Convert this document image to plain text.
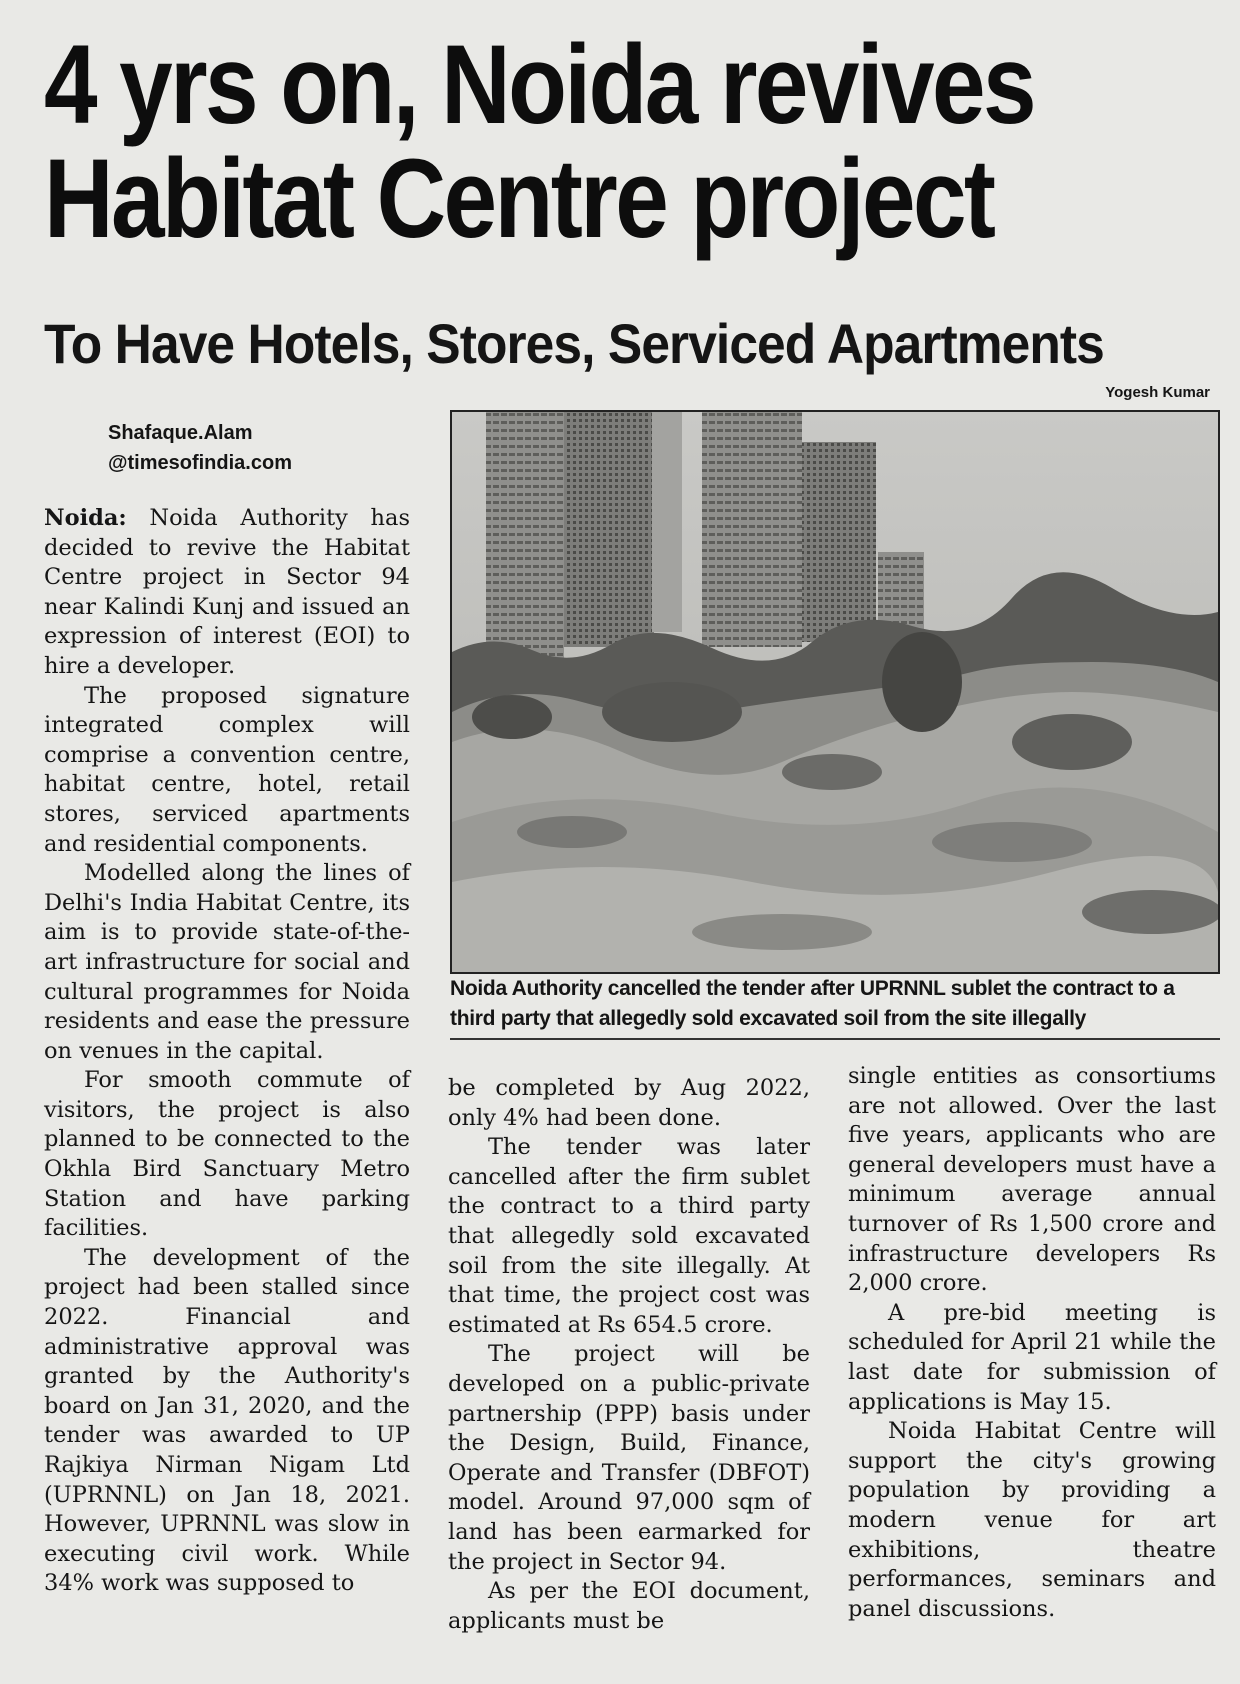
4 yrs on, Noida revives
Habitat Centre project
To Have Hotels, Stores, Serviced Apartments
Yogesh Kumar
Shafaque.Alam
@timesofindia.com
Noida Authority cancelled the tender after UPRNNL sublet the contract to a third party that allegedly sold excavated soil from the site illegally

Noida: Noida Authority has decided to revive the Habitat Centre project in Sector 94 near Kalindi Kunj and issued an expression of interest (EOI) to hire a developer.

The proposed signature integrated complex will comprise a convention centre, habitat centre, hotel, retail stores, serviced apartments and residential components.

Modelled along the lines of Delhi's India Habitat Centre, its aim is to provide state-of-the-art infrastructure for social and cultural programmes for Noida residents and ease the pressure on venues in the capital.

For smooth commute of visitors, the project is also planned to be connected to the Okhla Bird Sanctuary Metro Station and have parking facilities.

The development of the project had been stalled since 2022. Financial and administrative approval was granted by the Authority's board on Jan 31, 2020, and the tender was awarded to UP Rajkiya Nirman Nigam Ltd (UPRNNL) on Jan 18, 2021. However, UPRNNL was slow in executing civil work. While 34% work was supposed to

be completed by Aug 2022, only 4% had been done.

The tender was later cancelled after the firm sublet the contract to a third party that allegedly sold excavated soil from the site illegally. At that time, the project cost was estimated at Rs 654.5 crore.

The project will be developed on a public-private partnership (PPP) basis under the Design, Build, Finance, Operate and Transfer (DBFOT) model. Around 97,000 sqm of land has been earmarked for the project in Sector 94.

As per the EOI document, applicants must be

single entities as consortiums are not allowed. Over the last five years, applicants who are general developers must have a minimum average annual turnover of Rs 1,500 crore and infrastructure developers Rs 2,000 crore.

A pre-bid meeting is scheduled for April 21 while the last date for submission of applications is May 15.

Noida Habitat Centre will support the city's growing population by providing a modern venue for art exhibitions, theatre performances, seminars and panel discussions.
